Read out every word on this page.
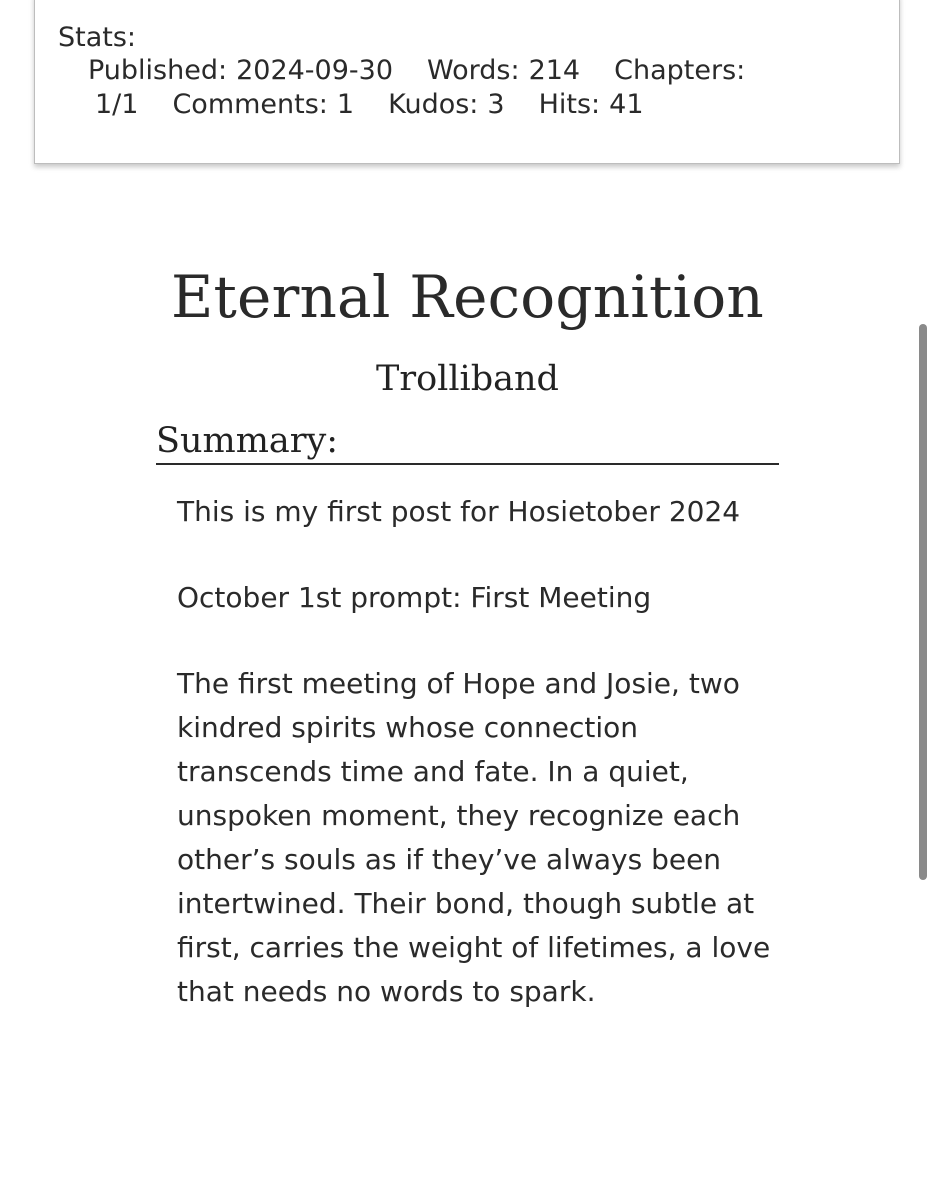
Stats:
Published: 2024-09-30 Words: 214 Chapters:
1/1 Comments: 1 Kudos: 3 Hits: 41
Eternal Recognition
Trolliband
Summary:

This is my first post for Hosietober 2024

October 1st prompt: First Meeting

The first meeting of Hope and Josie, two kindred spirits whose connection transcends time and fate. In a quiet, unspoken moment, they recognize each other’s souls as if they’ve always been intertwined. Their bond, though subtle at first, carries the weight of lifetimes, a love that needs no words to spark.
